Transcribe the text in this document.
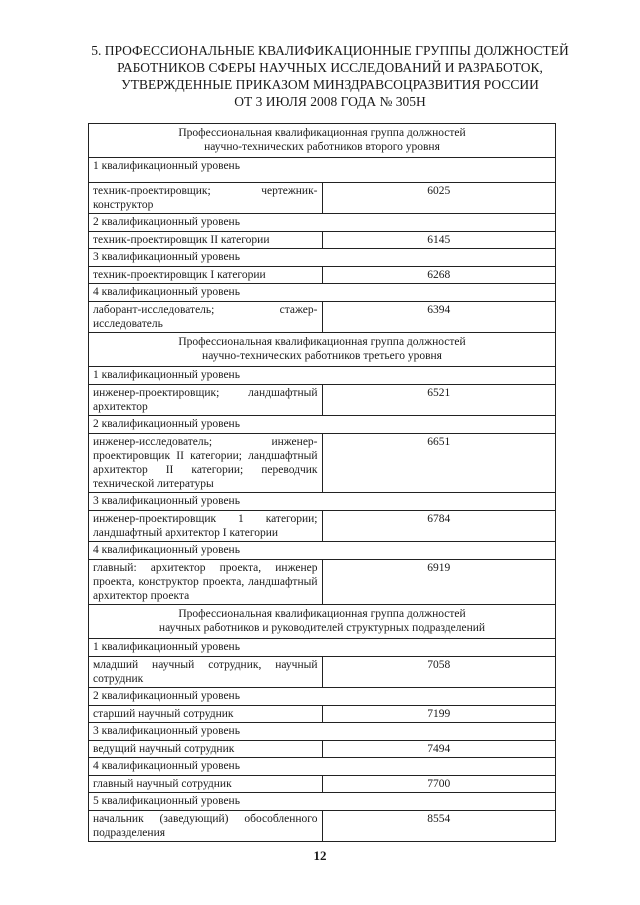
5. ПРОФЕССИОНАЛЬНЫЕ КВАЛИФИКАЦИОННЫЕ ГРУППЫ ДОЛЖНОСТЕЙ
РАБОТНИКОВ СФЕРЫ НАУЧНЫХ ИССЛЕДОВАНИЙ И РАЗРАБОТОК,
УТВЕРЖДЕННЫЕ ПРИКАЗОМ МИНЗДРАВСОЦРАЗВИТИЯ РОССИИ
ОТ 3 ИЮЛЯ 2008 ГОДА № 305Н
Профессиональная квалификационная группа должностей
научно-технических работников второго уровня	

1 квалификационный уровень	
техник-проектировщик; чертежник-конструктор	6025
2 квалификационный уровень	
техник-проектировщик II категории	6145
3 квалификационный уровень	
техник-проектировщик I категории	6268
4 квалификационный уровень	
лаборант-исследователь; стажер-исследователь	6394

Профессиональная квалификационная группа должностей
научно-технических работников третьего уровня	

1 квалификационный уровень	
инженер-проектировщик; ландшафтный архитектор	6521
2 квалификационный уровень	
инженер-исследователь; инженер-проектировщик II категории; ландшафтный архитектор II категории; переводчик технической литературы	6651
3 квалификационный уровень	
инженер-проектировщик 1 категории; ландшафтный архитектор I категории	6784
4 квалификационный уровень	
главный: архитектор проекта, инженер проекта, конструктор проекта, ландшафтный архитектор проекта	6919

Профессиональная квалификационная группа должностей
научных работников и руководителей структурных подразделений	

1 квалификационный уровень	
младший научный сотрудник, научный сотрудник	7058
2 квалификационный уровень	
старший научный сотрудник	7199
3 квалификационный уровень	
ведущий научный сотрудник	7494
4 квалификационный уровень	
главный научный сотрудник	7700
5 квалификационный уровень	
начальник (заведующий) обособленного подразделения	8554
12
